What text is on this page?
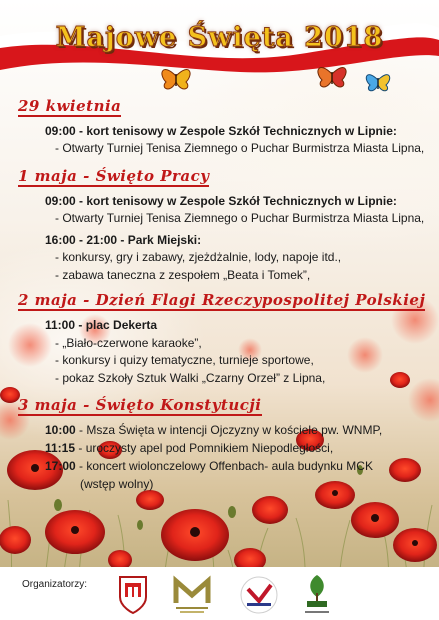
Majowe Święta 2018
29 kwietnia
09:00 - kort tenisowy w Zespole Szkół Technicznych w Lipnie:
- Otwarty Turniej Tenisa Ziemnego o Puchar Burmistrza Miasta Lipna,
1 maja - Święto Pracy
09:00 - kort tenisowy w Zespole Szkół Technicznych w Lipnie:
- Otwarty Turniej Tenisa Ziemnego o Puchar Burmistrza Miasta Lipna,
16:00 - 21:00 - Park Miejski:
- konkursy, gry i zabawy, zjeżdżalnie, lody, napoje itd.,
- zabawa taneczna z zespołem „Beata i Tomek”,
2 maja - Dzień Flagi Rzeczypospolitej Polskiej
11:00 - plac Dekerta
- „Biało-czerwone karaoke”,
- konkursy i quizy tematyczne, turnieje sportowe,
- pokaz Szkoły Sztuk Walki „Czarny Orzeł” z Lipna,
3 maja - Święto Konstytucji
10:00 - Msza Święta w intencji Ojczyzny w kościele pw. WNMP,
11:15 - uroczysty apel pod Pomnikiem Niepodległości,
17:00 - koncert wiolonczelowy Offenbach- aula budynku MCK
(wstęp wolny)
Organizatorzy:
